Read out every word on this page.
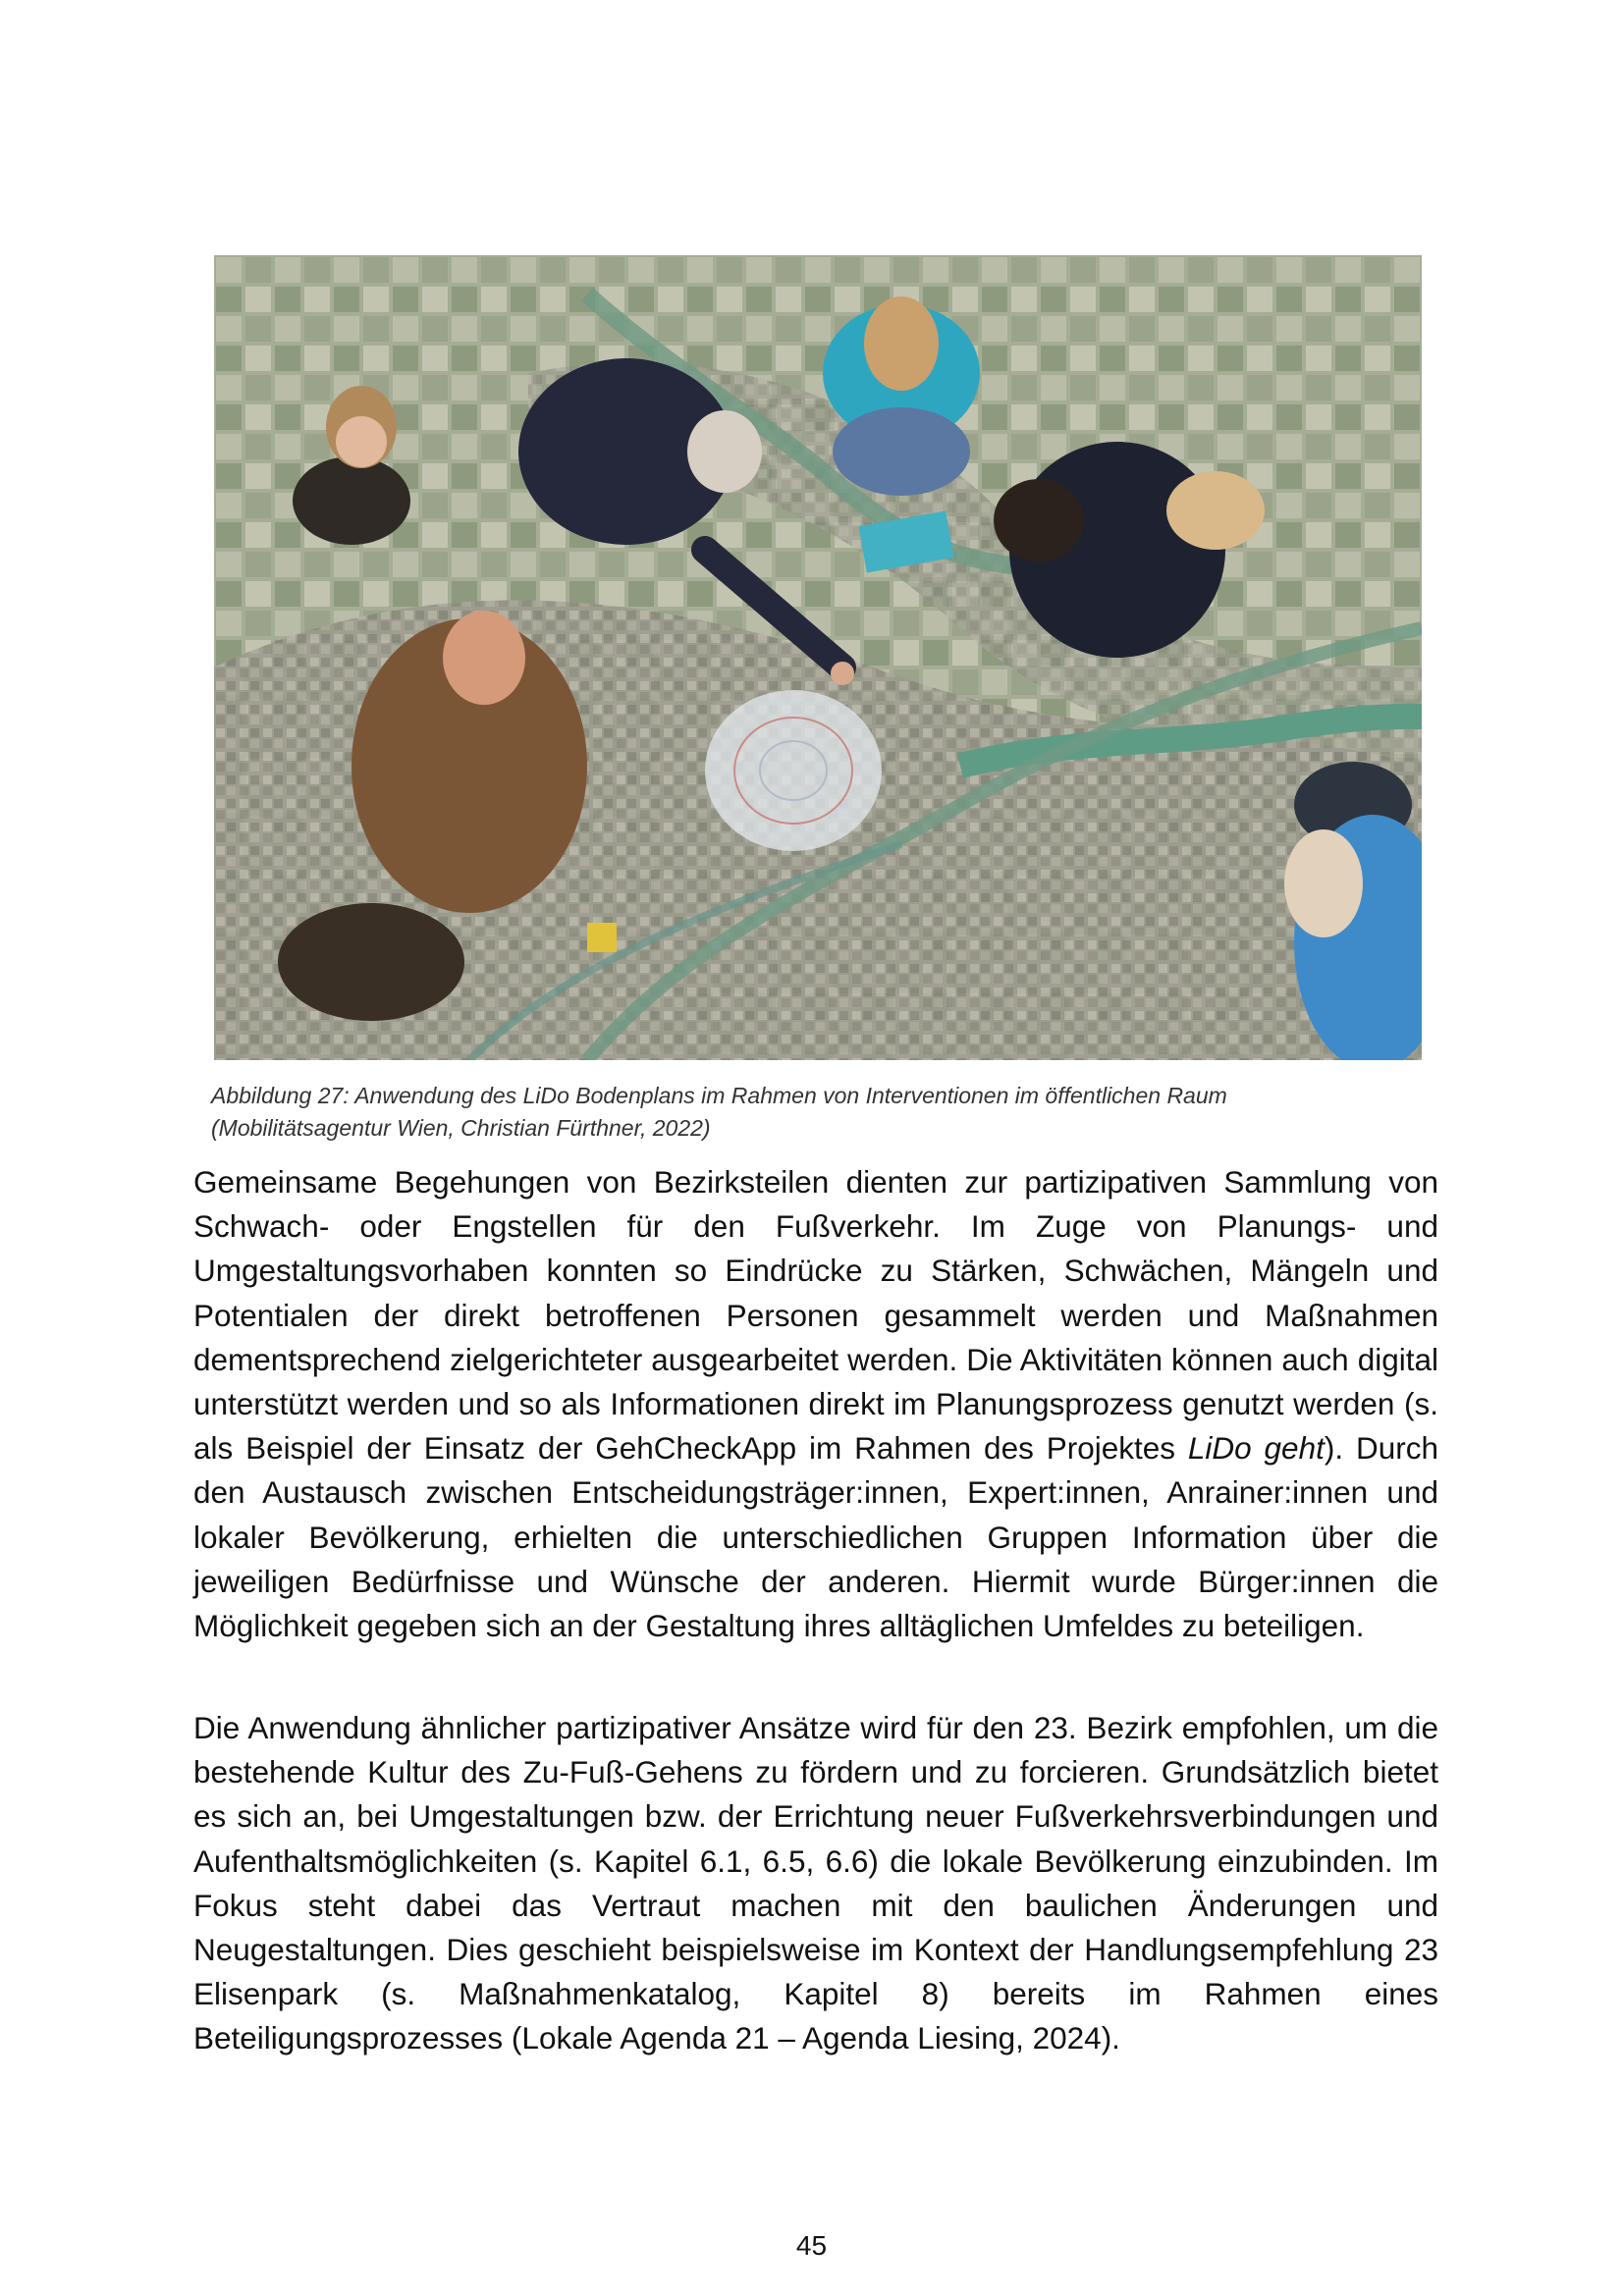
Abbildung 27: Anwendung des LiDo Bodenplans im Rahmen von Interventionen im öffentlichen Raum
(Mobilitätsagentur Wien, Christian Fürthner, 2022)

Gemeinsame Begehungen von Bezirksteilen dienten zur partizipativen Sammlung von Schwach- oder Engstellen für den Fußverkehr. Im Zuge von Planungs- und Umgestaltungsvorhaben konnten so Eindrücke zu Stärken, Schwächen, Mängeln und Potentialen der direkt betroffenen Personen gesammelt werden und Maßnahmen dementsprechend zielgerichteter ausgearbeitet werden. Die Aktivitäten können auch digital unterstützt werden und so als Informationen direkt im Planungsprozess genutzt werden (s. als Beispiel der Einsatz der GehCheckApp im Rahmen des Projektes LiDo geht). Durch den Austausch zwischen Entscheidungsträger:innen, Expert:innen, Anrainer:innen und lokaler Bevölkerung, erhielten die unterschiedlichen Gruppen Information über die jeweiligen Bedürfnisse und Wünsche der anderen. Hiermit wurde Bürger:innen die Möglichkeit gegeben sich an der Gestaltung ihres alltäglichen Umfeldes zu beteiligen.

Die Anwendung ähnlicher partizipativer Ansätze wird für den 23. Bezirk empfohlen, um die bestehende Kultur des Zu-Fuß-Gehens zu fördern und zu forcieren. Grundsätzlich bietet es sich an, bei Umgestaltungen bzw. der Errichtung neuer Fußverkehrsverbindungen und Aufenthaltsmöglichkeiten (s. Kapitel 6.1, 6.5, 6.6) die lokale Bevölkerung einzubinden. Im Fokus steht dabei das Vertraut machen mit den baulichen Änderungen und Neugestaltungen. Dies geschieht beispielsweise im Kontext der Handlungsempfehlung 23 Elisenpark (s. Maßnahmenkatalog, Kapitel 8) bereits im Rahmen eines Beteiligungsprozesses (Lokale Agenda 21 – Agenda Liesing, 2024).

45
